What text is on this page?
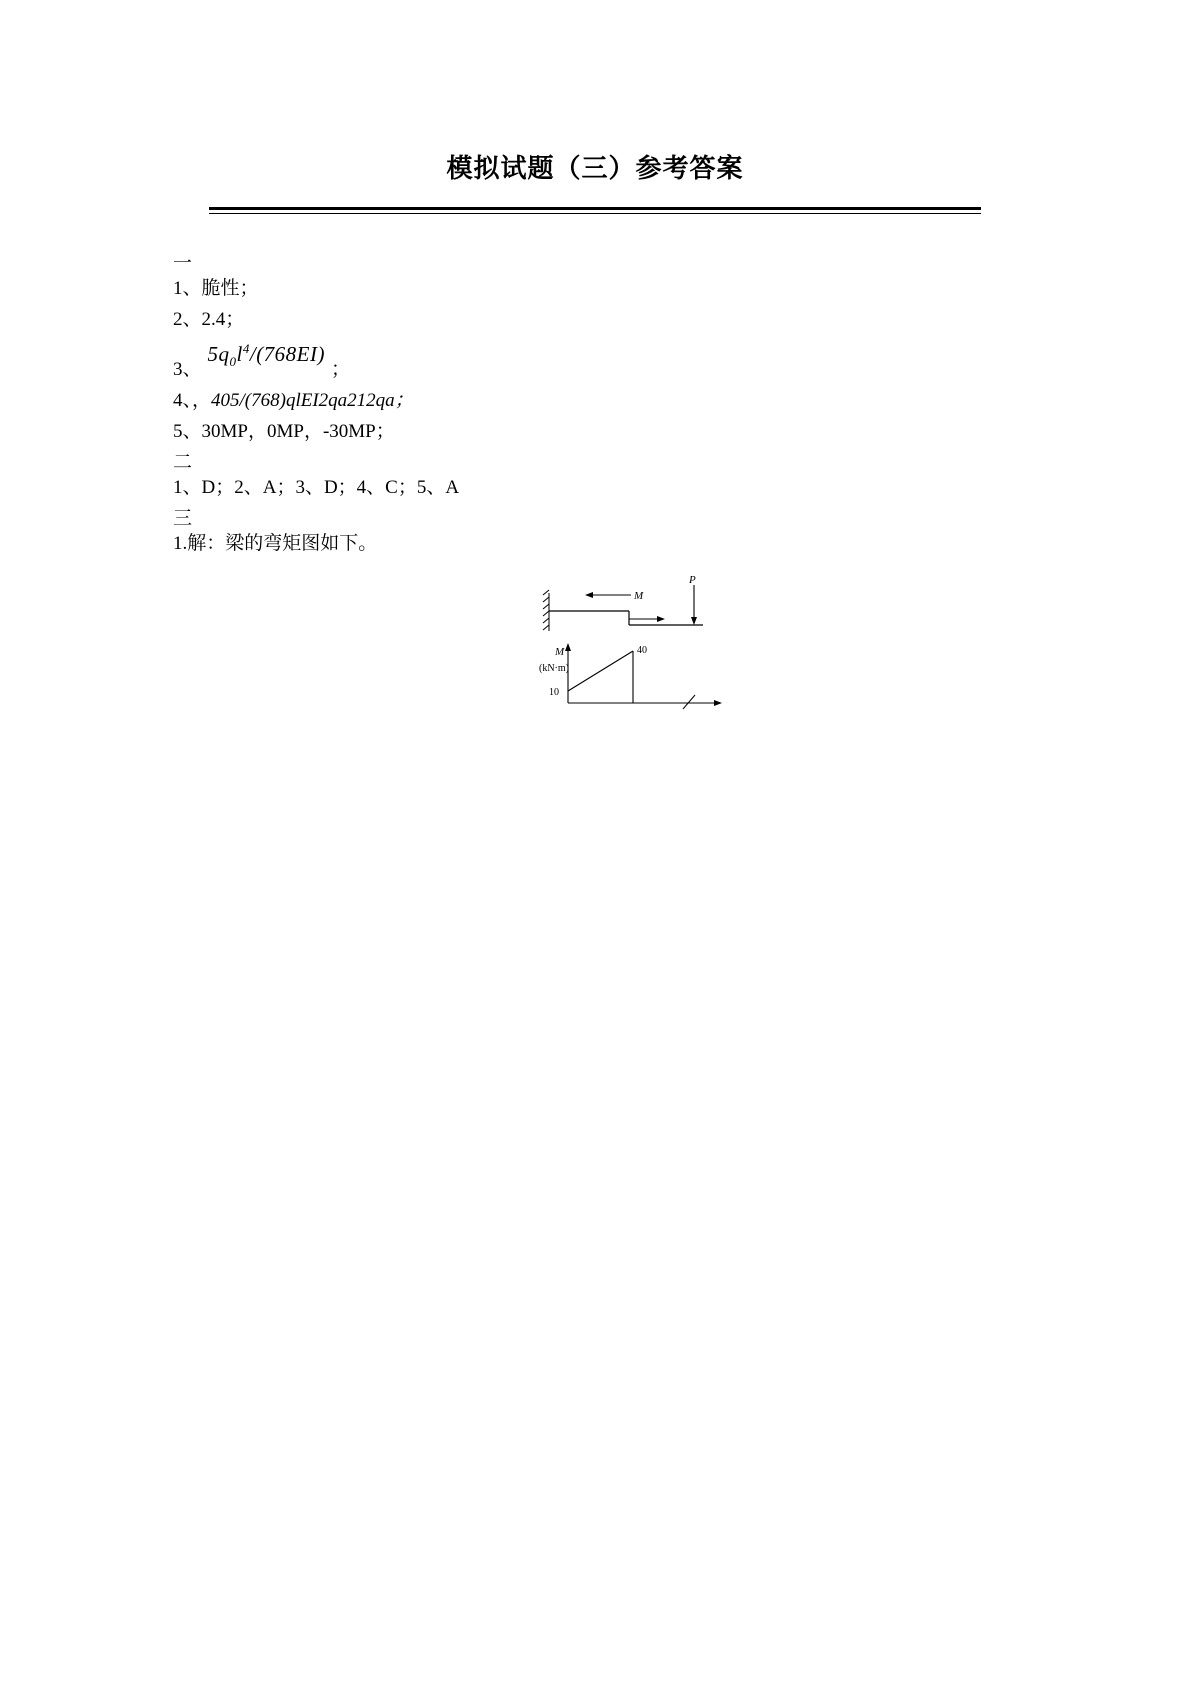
模拟试题（三）参考答案
一
1、脆性；
2、2.4；
3、
$5q_0l^4/(768EI)$
；
4、，405/(768)qlEI2qa212qa；
5、30MP，0MP，-30MP；
二
1、D；2、A；3、D；4、C；5、A
三
1.解：梁的弯矩图如下。
M
P
M
(kN·m)
40
10
